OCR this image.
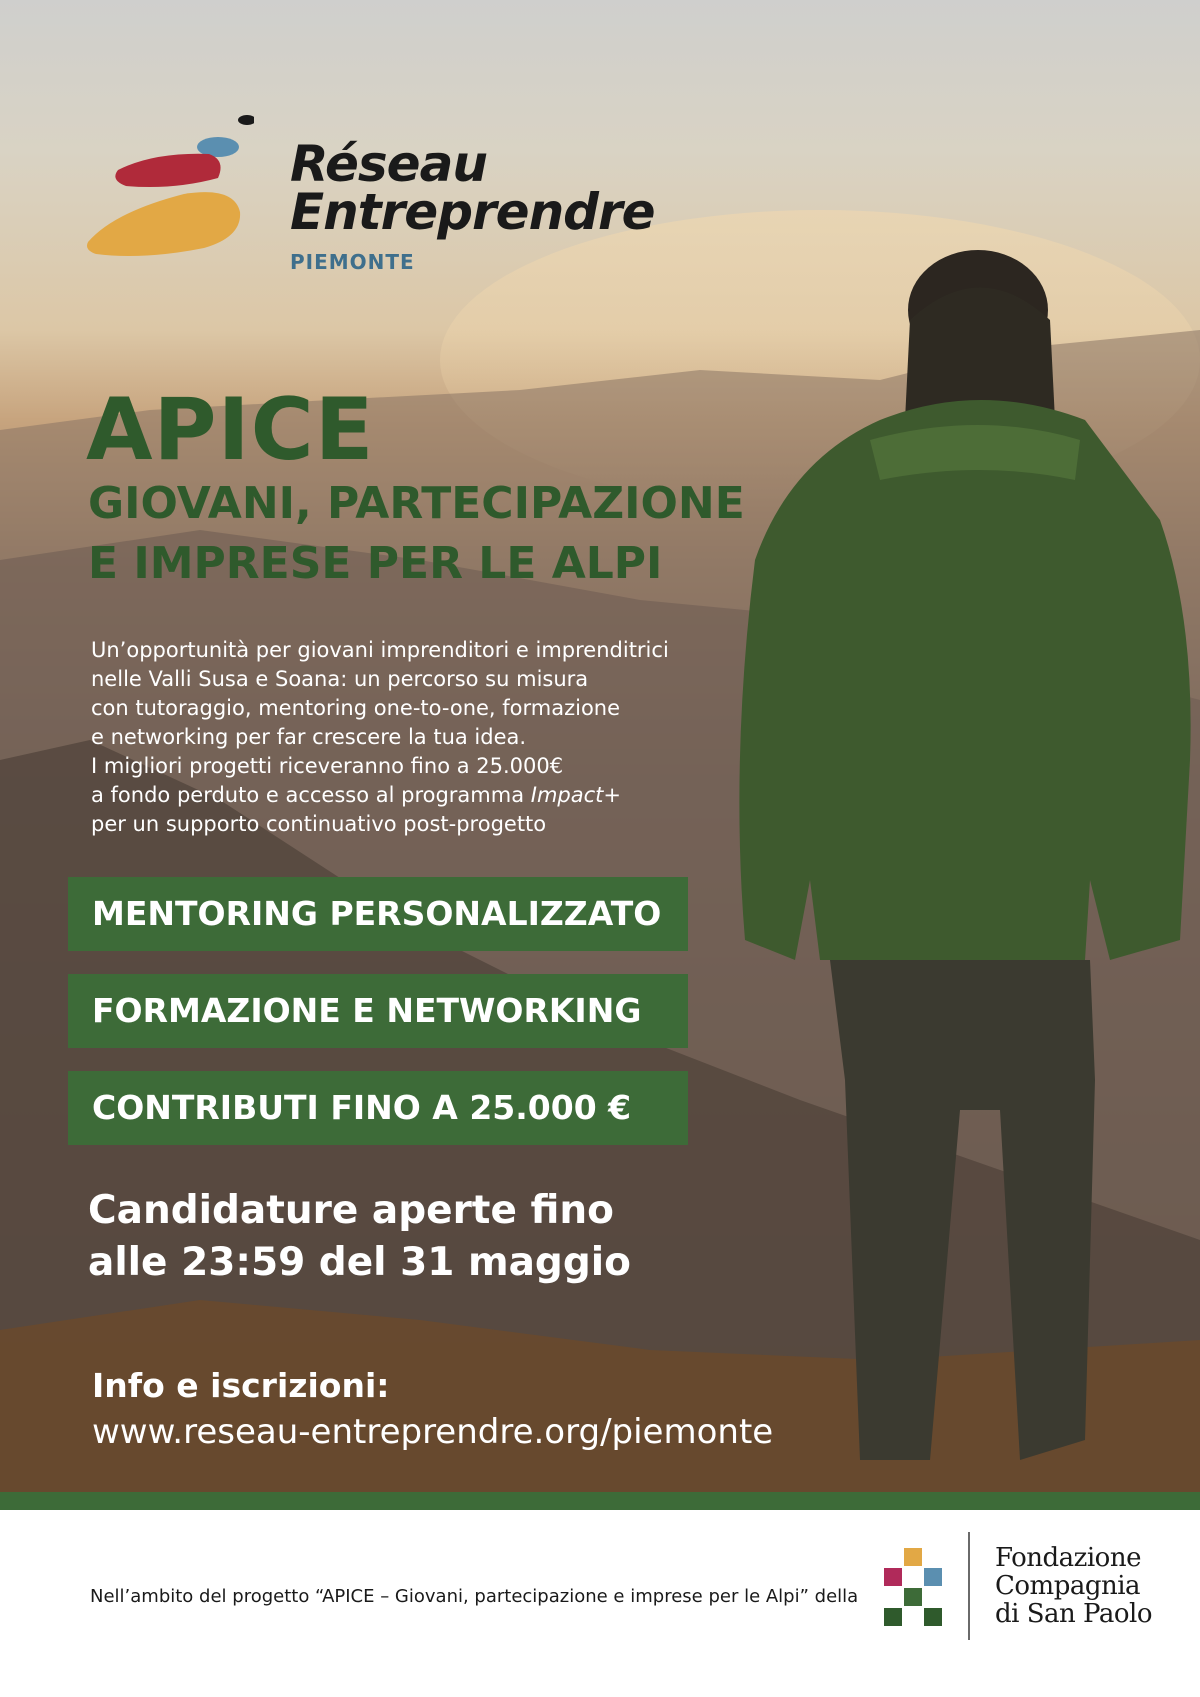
Réseau
Entreprendre
PIEMONTE
APICE
GIOVANI, PARTECIPAZIONE
E IMPRESE PER LE ALPI
Un’opportunità per giovani imprenditori e imprenditrici
nelle Valli Susa e Soana: un percorso su misura
con tutoraggio, mentoring one-to-one, formazione
e networking per far crescere la tua idea.
I migliori progetti riceveranno fino a 25.000€
a fondo perduto e accesso al programma Impact+
per un supporto continuativo post-progetto
MENTORING PERSONALIZZATO
FORMAZIONE E NETWORKING
CONTRIBUTI FINO A 25.000 €
Candidature aperte fino
alle 23:59 del 31 maggio
Info e iscrizioni:
www.reseau-entreprendre.org/piemonte
Nell’ambito del progetto “APICE – Giovani, partecipazione e imprese per le Alpi” della
Fondazione
Compagnia
di San Paolo
